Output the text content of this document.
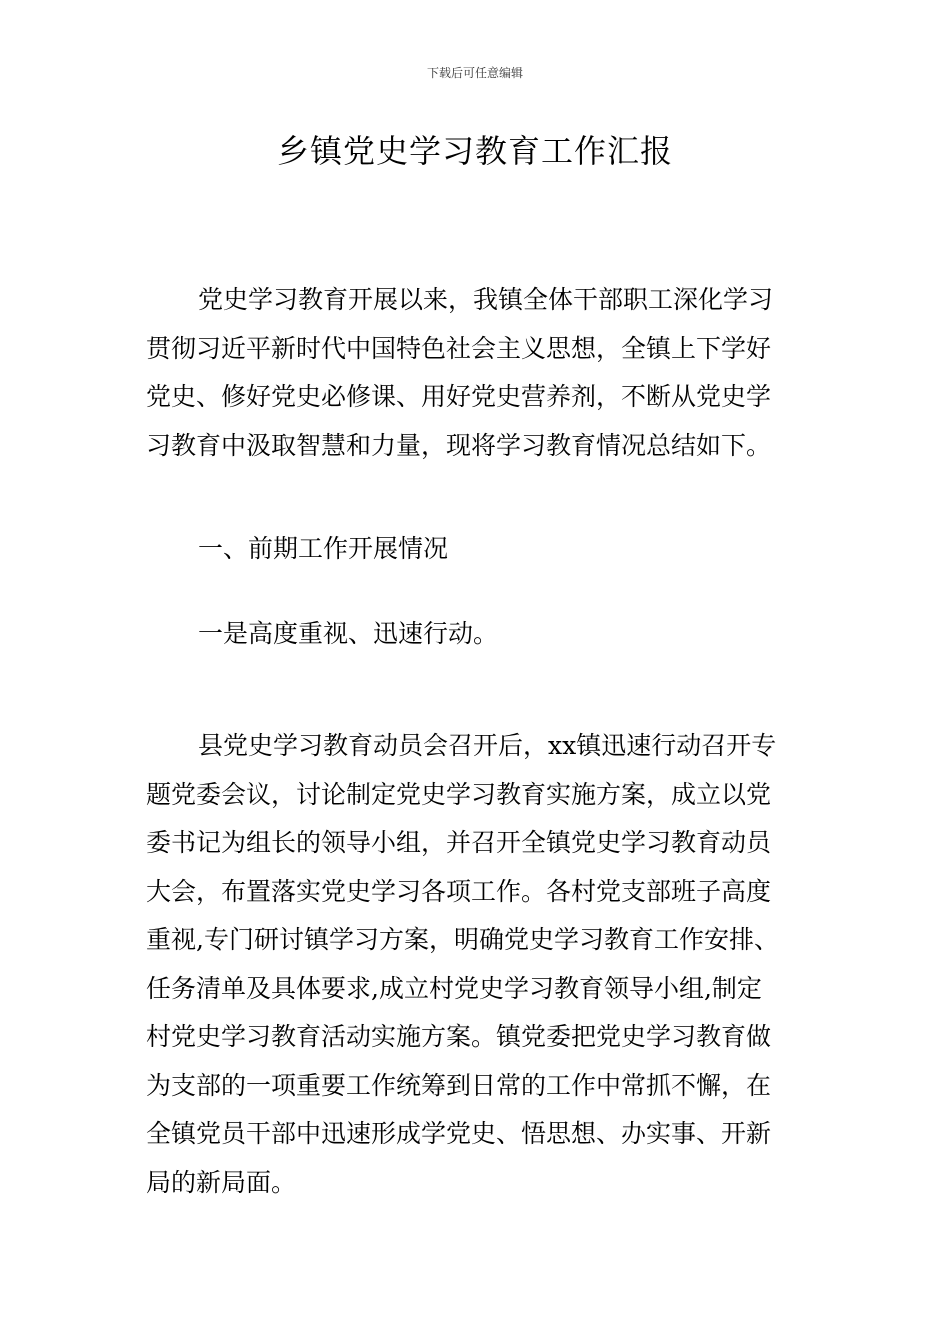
下载后可任意编辑
乡镇党史学习教育工作汇报
党史学习教育开展以来，我镇全体干部职工深化学习
贯彻习近平新时代中国特色社会主义思想，全镇上下学好
党史、修好党史必修课、用好党史营养剂，不断从党史学
习教育中汲取智慧和力量，现将学习教育情况总结如下。
一、前期工作开展情况
一是高度重视、迅速行动。
县党史学习教育动员会召开后，xx镇迅速行动召开专
题党委会议，讨论制定党史学习教育实施方案，成立以党
委书记为组长的领导小组，并召开全镇党史学习教育动员
大会，布置落实党史学习各项工作。各村党支部班子高度
重视,专门研讨镇学习方案，明确党史学习教育工作安排、
任务清单及具体要求,成立村党史学习教育领导小组,制定
村党史学习教育活动实施方案。镇党委把党史学习教育做
为支部的一项重要工作统筹到日常的工作中常抓不懈，在
全镇党员干部中迅速形成学党史、悟思想、办实事、开新
局的新局面。
